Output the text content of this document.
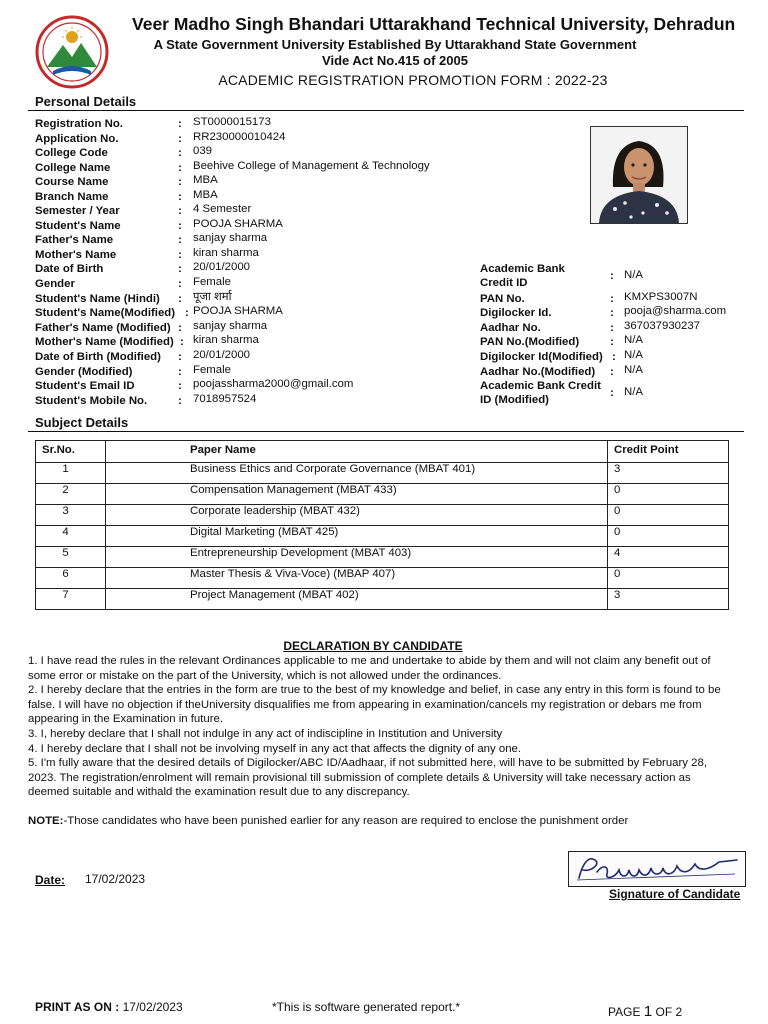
Veer Madho Singh Bhandari Uttarakhand Technical University, Dehradun
A State Government University Established By Uttarakhand State Government
Vide Act No.415 of 2005
ACADEMIC REGISTRATION PROMOTION FORM : 2022-23
Personal Details
Registration No.	: ST0000015173
Application No.	: RR230000010424
College Code	: 039
College Name	: Beehive College of Management & Technology
Course Name	: MBA
Branch Name	: MBA
Semester / Year	: 4 Semester
Student's Name	: POOJA SHARMA
Father's Name	: sanjay sharma
Mother's Name	: kiran sharma
Date of Birth	: 20/01/2000
Gender	: Female
Student's Name (Hindi) : पूजा शर्मा
Student's Name(Modified) : POOJA SHARMA
Father's Name (Modified) : sanjay sharma
Mother's Name (Modified) : kiran sharma
Date of Birth (Modified) : 20/01/2000
Gender (Modified)	: Female
Student's Email ID	: poojassharma2000@gmail.com
Student's Mobile No.	: 7018957524
Academic Bank Credit ID
: N/A
PAN No.	: KMXPS3007N
Digilocker Id.	: pooja@sharma.com
Aadhar No.	: 367037930237
PAN No.(Modified)	: N/A
Digilocker Id(Modified) : N/A
Aadhar No.(Modified) : N/A
Academic Bank Credit ID (Modified)
: N/A
Subject Details
Sr.No.	Paper Name	Credit Point
1	Business Ethics and Corporate Governance (MBAT 401)	3
2	Compensation Management (MBAT 433)	0
3	Corporate leadership (MBAT 432)	0
4	Digital Marketing (MBAT 425)	0
5	Entrepreneurship Development (MBAT 403)	4
6	Master Thesis & Viva-Voce) (MBAP 407)	0
7	Project Management (MBAT 402)	3
DECLARATION BY CANDIDATE

1. I have read the rules in the relevant Ordinances applicable to me and undertake to abide by them and will not claim any benefit out of some error or mistake on the part of the University, which is not allowed under the ordinances.

2. I hereby declare that the entries in the form are true to the best of my knowledge and belief, in case any entry in this form is found to be false. I will have no objection if theUniversity disqualifies me from appearing in examination/cancels my registration or debars me from appearing in the Examination in future.

3. I, hereby declare that I shall not indulge in any act of indiscipline in Institution and University

4. I hereby declare that I shall not be involving myself in any act that affects the dignity of any one.

5. I'm fully aware that the desired details of Digilocker/ABC ID/Aadhaar, if not submitted here, will have to be submitted by February 28, 2023. The registration/enrolment will remain provisional till submission of complete details & University will take necessary action as deemed suitable and withald the examination result due to any discrepancy.

NOTE:-Those candidates who have been punished earlier for any reason are required to enclose the punishment order
Date: 17/02/2023
Signature of Candidate
PRINT AS ON : 17/02/2023	*This is software generated report.*	PAGE 1 OF 2
